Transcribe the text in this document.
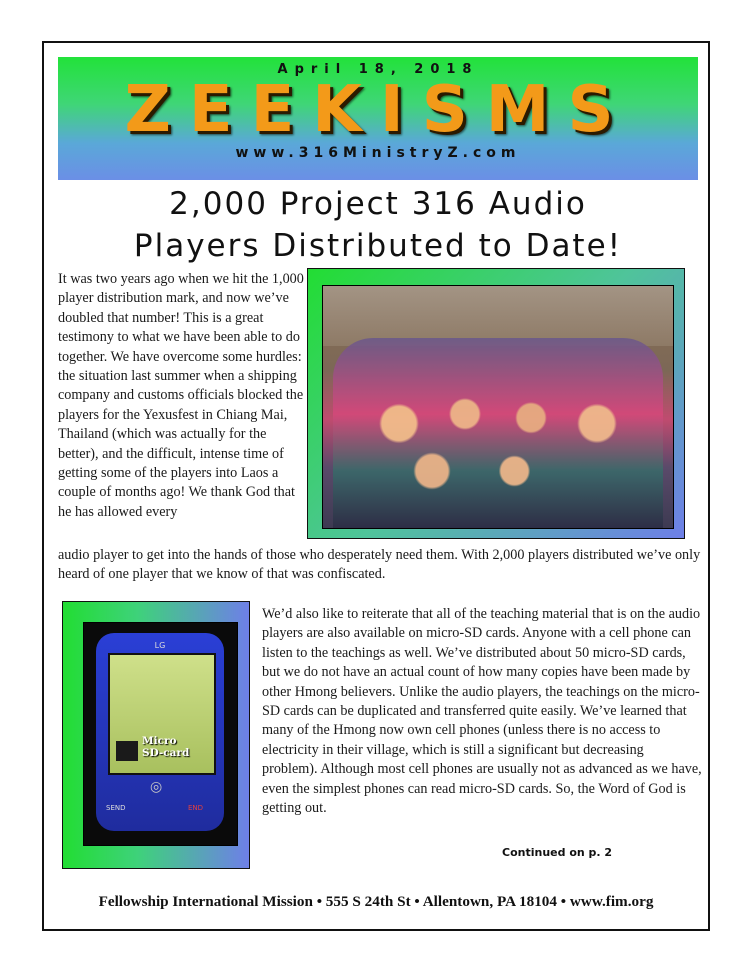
April 18, 2018
ZEEKISMS
www.316MinistryZ.com
2,000 Project 316 Audio
Players Distributed to Date!
It was two years ago when we hit the 1,000 player distribution mark, and now we’ve doubled that number! This is a great testimony to what we have been able to do together. We have overcome some hurdles: the situation last summer when a shipping company and customs officials blocked the players for the Yexusfest in Chiang Mai, Thailand (which was actually for the better), and the difficult, intense time of getting some of the players into Laos a couple of months ago! We thank God that he has allowed every
audio player to get into the hands of those who desperately need them. With 2,000 players distributed we’ve only heard of one player that we know of that was confiscated.
LG
Micro
SD-card
◎
SEND	END
We’d also like to reiterate that all of the teaching material that is on the audio players are also available on micro-SD cards. Anyone with a cell phone can listen to the teachings as well. We’ve distributed about 50 micro-SD cards, but we do not have an actual count of how many copies have been made by other Hmong believers. Unlike the audio players, the teachings on the micro-SD cards can be duplicated and transferred quite easily. We’ve learned that many of the Hmong now own cell phones (unless there is no access to electricity in their village, which is still a significant but decreasing problem). Although most cell phones are usually not as advanced as we have, even the simplest phones can read micro-SD cards. So, the Word of God is getting out.
Continued on p. 2
Fellowship International Mission • 555 S 24th St • Allentown, PA 18104 • www.fim.org
